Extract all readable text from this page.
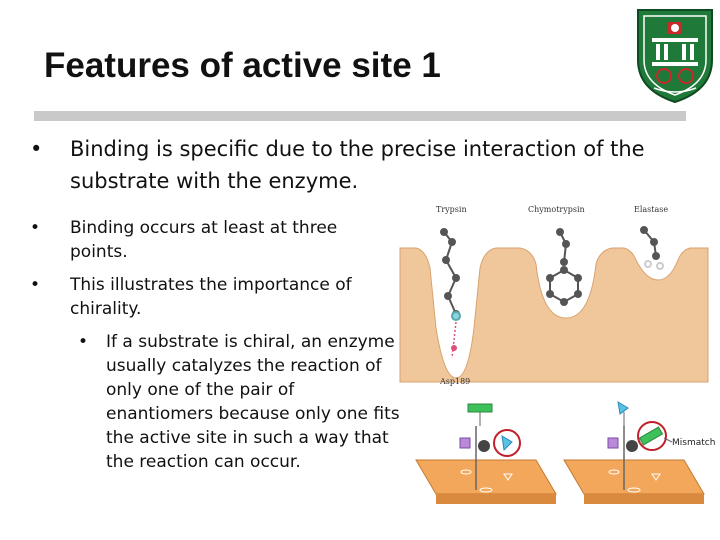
Features of active site 1
• Binding is specific due to the precise interaction of the substrate with the enzyme.
• Binding occurs at least at three points.
• This illustrates the importance of chirality.
• If a substrate is chiral, an enzyme usually catalyzes the reaction of only one of the pair of enantiomers because only one fits the active site in such a way that the reaction can occur.
Trypsin	Chymotrypsin	Elastase
Asp189
Mismatch
